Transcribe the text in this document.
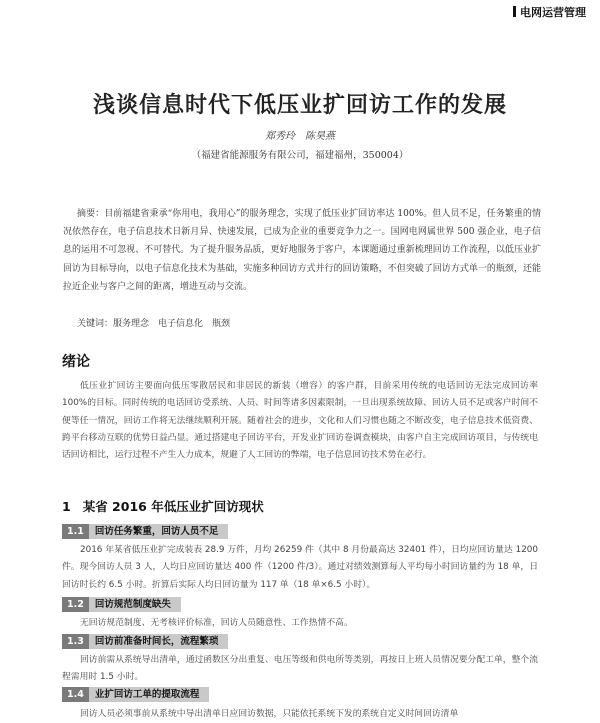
电网运营管理
浅谈信息时代下低压业扩回访工作的发展
郑秀玲　陈昊燕
（福建省能源服务有限公司，福建福州，350004）

摘要：目前福建省秉承“你用电，我用心”的服务理念，实现了低压业扩回访率达 100%。但人员不足，任务繁重的情况依然存在，电子信息技术日新月异、快速发展，已成为企业的重要竞争力之一。国网电网属世界 500 强企业，电子信息的运用不可忽视、不可替代。为了提升服务品质，更好地服务于客户，本课题通过重新梳理回访工作流程，以低压业扩回访为目标导向，以电子信息化技术为基础，实施多种回访方式并行的回访策略，不但突破了回访方式单一的瓶颈，还能拉近企业与客户之间的距离，增进互动与交流。

关键词：服务理念　电子信息化　瓶颈
绪论

低压业扩回访主要面向低压零散居民和非居民的新装（增容）的客户群，目前采用传统的电话回访无法完成回访率 100%的目标。同时传统的电话回访受系统、人员、时间等诸多因素限制，一旦出现系统故障、回访人员不足或客户时间不便等任一情况，回访工作将无法继续顺利开展。随着社会的进步，文化和人们习惯也随之不断改变，电子信息技术低资费、跨平台移动互联的优势日益凸显。通过搭建电子回访平台，开发业扩回访卷调查模块，由客户自主完成回访项目，与传统电话回访相比，运行过程不产生人力成本，规避了人工回访的弊端，电子信息回访技术势在必行。

1 某省 2016 年低压业扩回访现状
1.1	回访任务繁重，回访人员不足

2016 年某省低压业扩完成装表 28.9 万件，月均 26259 件（其中 8 月份最高达 32401 件），日均应回访量达 1200 件。现今回访人员 3 人，人均日应回访量达 400 件（1200 件/3）。通过对绩效测算每人平均每小时回访量约为 18 单，日回访时长约 6.5 小时。折算后实际人均日回访量为 117 单（18 单×6.5 小时）。

1.2	回访规范制度缺失

无回访规范制度、无考核评价标准，回访人员随意性、工作热情不高。

1.3	回访前准备时间长，流程繁琐

回访前需从系统导出清单，通过函数区分出重复、电压等级和供电所等类别，再按日上班人员情况要分配工单，整个流程需用时 1.5 小时。

1.4	业扩回访工单的提取流程

回访人员必须事前从系统中导出清单日应回访数据，只能依托系统下发的系统自定义时间回访清单
